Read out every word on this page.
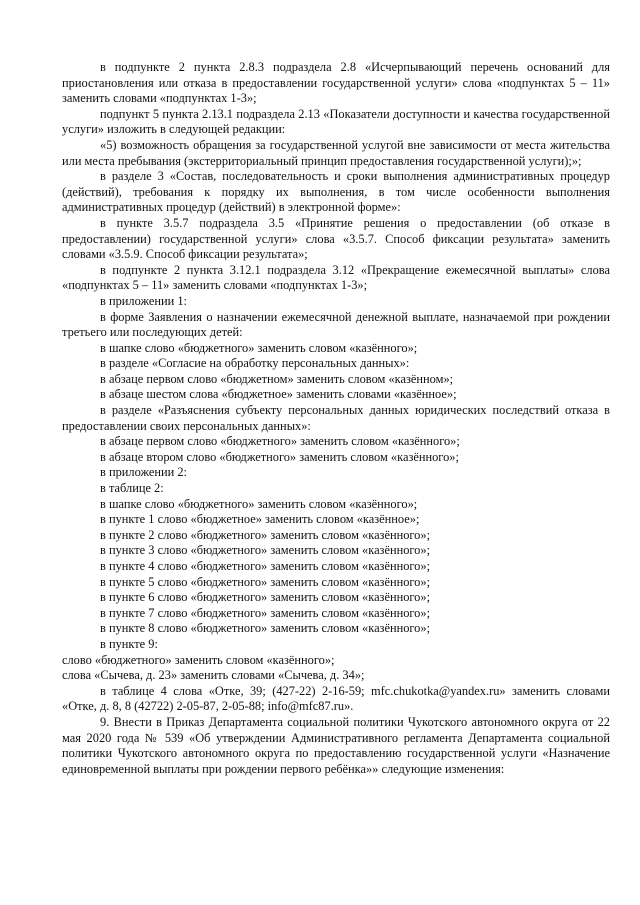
в подпункте 2 пункта 2.8.3 подраздела 2.8 «Исчерпывающий перечень оснований для приостановления или отказа в предоставлении государственной услуги» слова «подпунктах 5 – 11» заменить словами «подпунктах 1-3»;

подпункт 5 пункта 2.13.1 подраздела 2.13 «Показатели доступности и качества государственной услуги» изложить в следующей редакции:

«5) возможность обращения за государственной услугой вне зависимости от места жительства или места пребывания (экстерриториальный принцип предоставления государственной услуги);»;

в разделе 3 «Состав, последовательность и сроки выполнения административных процедур (действий), требования к порядку их выполнения, в том числе особенности выполнения административных процедур (действий) в электронной форме»:

в пункте 3.5.7 подраздела 3.5 «Принятие решения о предоставлении (об отказе в предоставлении) государственной услуги» слова «3.5.7. Способ фиксации результата» заменить словами «3.5.9. Способ фиксации результата»;

в подпункте 2 пункта 3.12.1 подраздела 3.12 «Прекращение ежемесячной выплаты» слова «подпунктах 5 – 11» заменить словами «подпунктах 1-3»;

в приложении 1:

в форме Заявления о назначении ежемесячной денежной выплате, назначаемой при рождении третьего или последующих детей:

в шапке слово «бюджетного» заменить словом «казённого»;

в разделе «Согласие на обработку персональных данных»:

в абзаце первом слово «бюджетном» заменить словом «казённом»;

в абзаце шестом слова «бюджетное» заменить словами «казённое»;

в разделе «Разъяснения субъекту персональных данных юридических последствий отказа в предоставлении своих персональных данных»:

в абзаце первом слово «бюджетного» заменить словом «казённого»;

в абзаце втором слово «бюджетного» заменить словом «казённого»;

в приложении 2:

в таблице 2:

в шапке слово «бюджетного» заменить словом «казённого»;

в пункте 1 слово «бюджетное» заменить словом «казённое»;

в пункте 2 слово «бюджетного» заменить словом «казённого»;

в пункте 3 слово «бюджетного» заменить словом «казённого»;

в пункте 4 слово «бюджетного» заменить словом «казённого»;

в пункте 5 слово «бюджетного» заменить словом «казённого»;

в пункте 6 слово «бюджетного» заменить словом «казённого»;

в пункте 7 слово «бюджетного» заменить словом «казённого»;

в пункте 8 слово «бюджетного» заменить словом «казённого»;

в пункте 9:

слово «бюджетного» заменить словом «казённого»;

слова «Сычева, д. 23» заменить словами «Сычева, д. 34»;

в таблице 4 слова «Отке, 39; (427-22) 2-16-59; mfc.chukotka@yandex.ru» заменить словами «Отке, д. 8, 8 (42722) 2-05-87, 2-05-88; info@mfc87.ru».

9. Внести в Приказ Департамента социальной политики Чукотского автономного округа от 22 мая 2020 года № 539 «Об утверждении Административного регламента Департамента социальной политики Чукотского автономного округа по предоставлению государственной услуги «Назначение единовременной выплаты при рождении первого ребёнка»» следующие изменения:
